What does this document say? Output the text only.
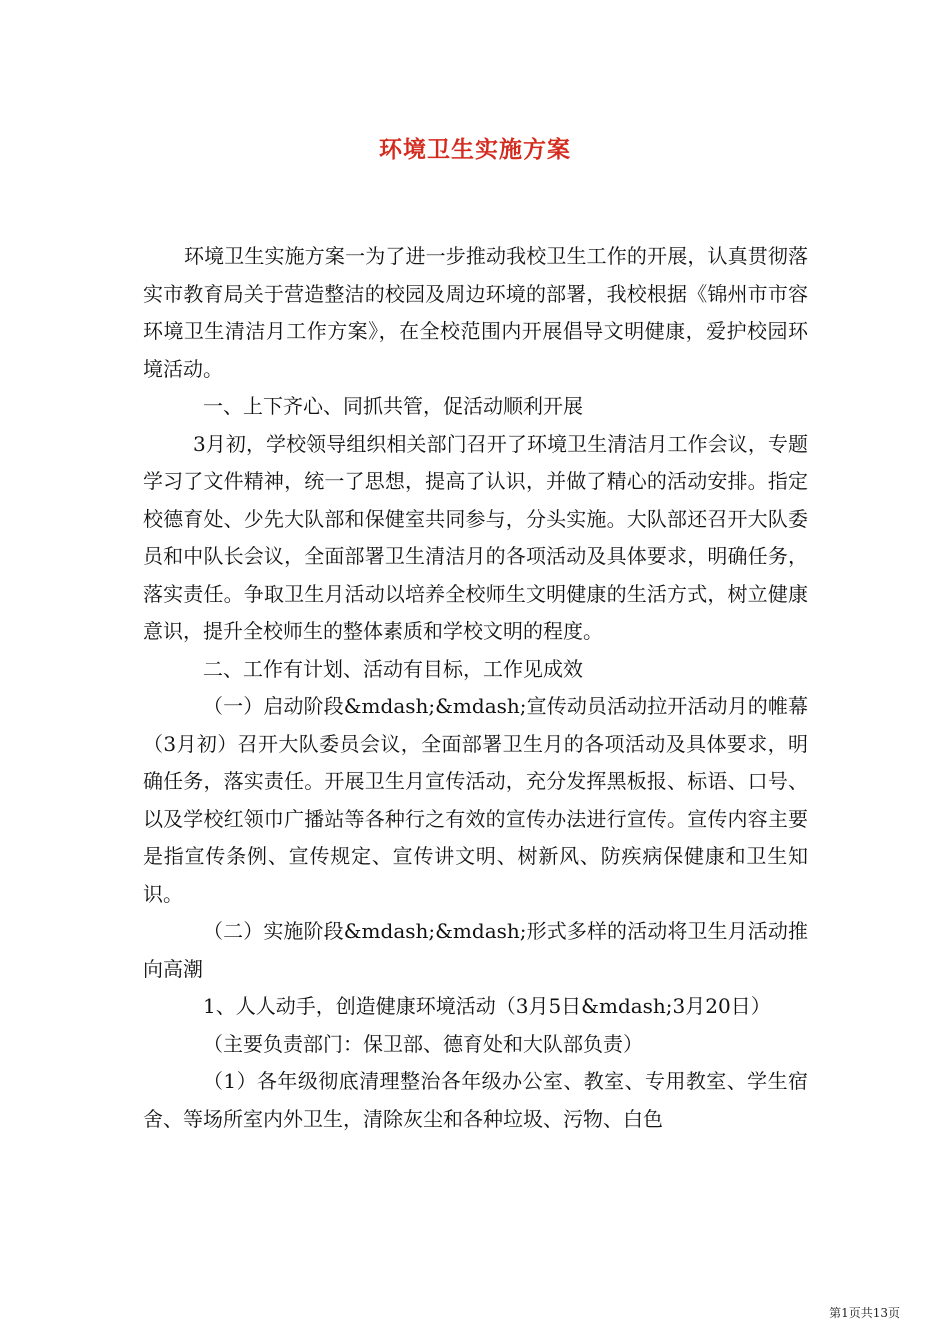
环境卫生实施方案

环境卫生实施方案一为了进一步推动我校卫生工作的开展，认真贯彻落实市教育局关于营造整洁的校园及周边环境的部署，我校根据《锦州市市容环境卫生清洁月工作方案》，在全校范围内开展倡导文明健康，爱护校园环境活动。

一、上下齐心、同抓共管，促活动顺利开展

3月初，学校领导组织相关部门召开了环境卫生清洁月工作会议，专题学习了文件精神，统一了思想，提高了认识，并做了精心的活动安排。指定校德育处、少先大队部和保健室共同参与，分头实施。大队部还召开大队委员和中队长会议，全面部署卫生清洁月的各项活动及具体要求，明确任务，落实责任。争取卫生月活动以培养全校师生文明健康的生活方式，树立健康意识，提升全校师生的整体素质和学校文明的程度。

二、工作有计划、活动有目标，工作见成效

（一）启动阶段&mdash;&mdash;宣传动员活动拉开活动月的帷幕（3月初）召开大队委员会议，全面部署卫生月的各项活动及具体要求，明确任务，落实责任。开展卫生月宣传活动，充分发挥黑板报、标语、口号、以及学校红领巾广播站等各种行之有效的宣传办法进行宣传。宣传内容主要是指宣传条例、宣传规定、宣传讲文明、树新风、防疾病保健康和卫生知识。

（二）实施阶段&mdash;&mdash;形式多样的活动将卫生月活动推向高潮

1、人人动手，创造健康环境活动（3月5日&mdash;3月20日）

（主要负责部门：保卫部、德育处和大队部负责）

（1）各年级彻底清理整治各年级办公室、教室、专用教室、学生宿舍、等场所室内外卫生，清除灰尘和各种垃圾、污物、白色

第1页共13页
